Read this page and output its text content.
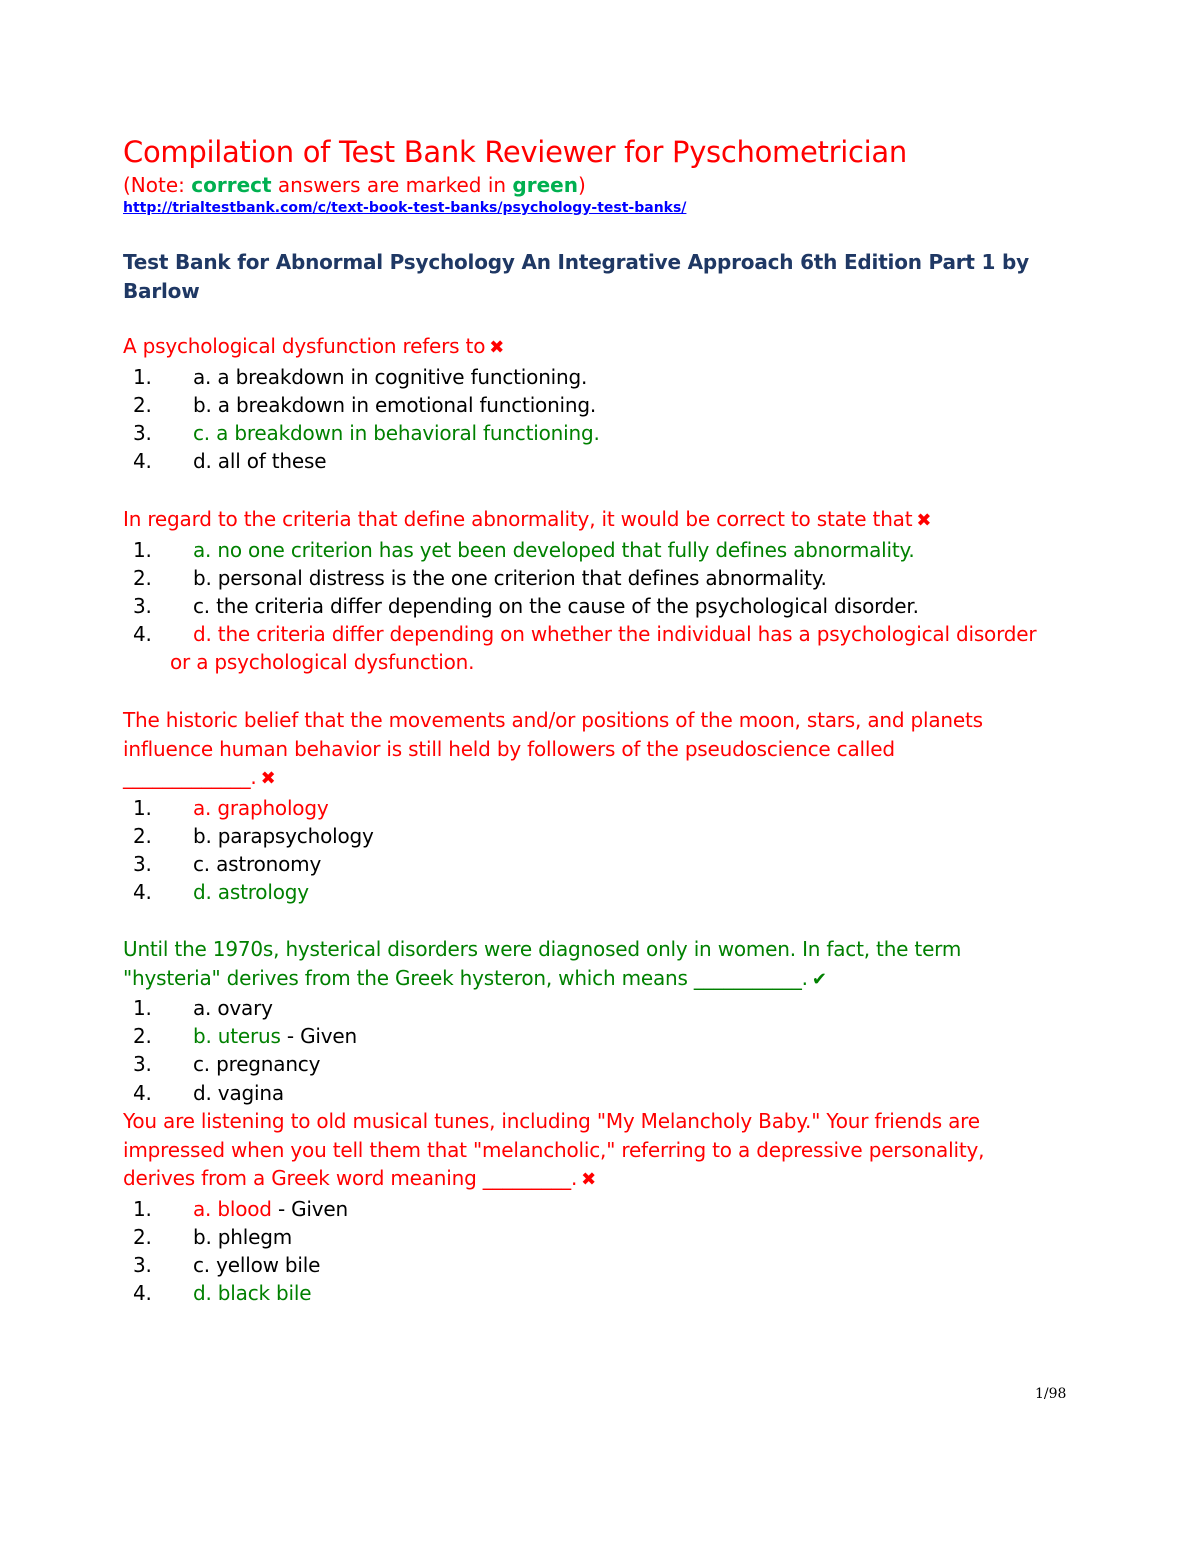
Compilation of Test Bank Reviewer for Pyschometrician
(Note: correct answers are marked in green)
http://trialtestbank.com/c/text-book-test-banks/psychology-test-banks/
Test Bank for Abnormal Psychology An Integrative Approach 6th Edition Part 1 by Barlow
A psychological dysfunction refers to ✖
1. a. a breakdown in cognitive functioning.
2. b. a breakdown in emotional functioning.
3. c. a breakdown in behavioral functioning.
4. d. all of these
In regard to the criteria that define abnormality, it would be correct to state that ✖
1. a. no one criterion has yet been developed that fully defines abnormality.
2. b. personal distress is the one criterion that defines abnormality.
3. c. the criteria differ depending on the cause of the psychological disorder.
4. d. the criteria differ depending on whether the individual has a psychological disorder or a psychological dysfunction.
The historic belief that the movements and/or positions of the moon, stars, and planets influence human behavior is still held by followers of the pseudoscience called _____________. ✖
1. a. graphology
2. b. parapsychology
3. c. astronomy
4. d. astrology
Until the 1970s, hysterical disorders were diagnosed only in women. In fact, the term "hysteria" derives from the Greek hysteron, which means ___________. ✔
1. a. ovary
2. b. uterus - Given
3. c. pregnancy
4. d. vagina
You are listening to old musical tunes, including "My Melancholy Baby." Your friends are impressed when you tell them that "melancholic," referring to a depressive personality, derives from a Greek word meaning _________. ✖
1. a. blood - Given
2. b. phlegm
3. c. yellow bile
4. d. black bile
1/98
